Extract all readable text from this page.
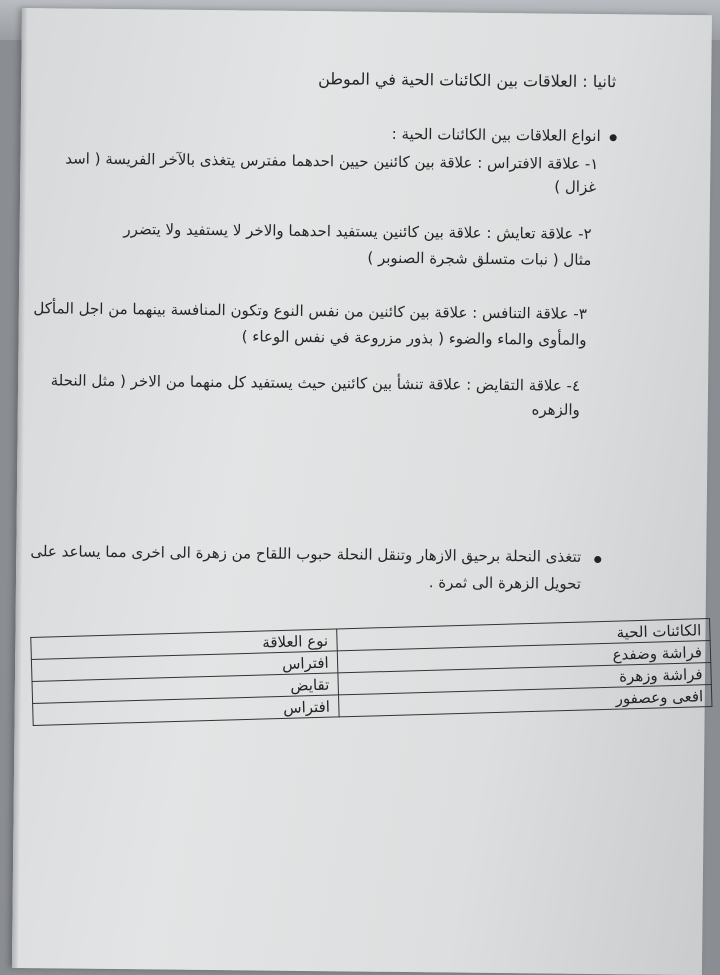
ثانيا : العلاقات بين الكائنات الحية في الموطن
انواع العلاقات بين الكائنات الحية :
١- علاقة الافتراس : علاقة بين كائنين حيين احدهما مفترس يتغذى بالآخر الفريسة ( اسد
غزال )
٢- علاقة تعايش : علاقة بين كائنين يستفيد احدهما والاخر لا يستفيد ولا يتضرر
مثال ( نبات متسلق شجرة الصنوبر )
٣- علاقة التنافس : علاقة بين كائنين من نفس النوع وتكون المنافسة بينهما من اجل المأكل
والمأوى والماء والضوء ( بذور مزروعة في نفس الوعاء )
٤- علاقة التقايض : علاقة تنشأ بين كائنين حيث يستفيد كل منهما من الاخر ( مثل النحلة
والزهره
تتغذى النحلة برحيق الازهار وتنقل النحلة حبوب اللقاح من زهرة الى اخرى مما يساعد على
تحويل الزهرة الى ثمرة .
الكائنات الحية	نوع العلاقة
فراشة وضفدع	افتراس
فراشة وزهرة	تقايض
افعى وعصفور	افتراس
